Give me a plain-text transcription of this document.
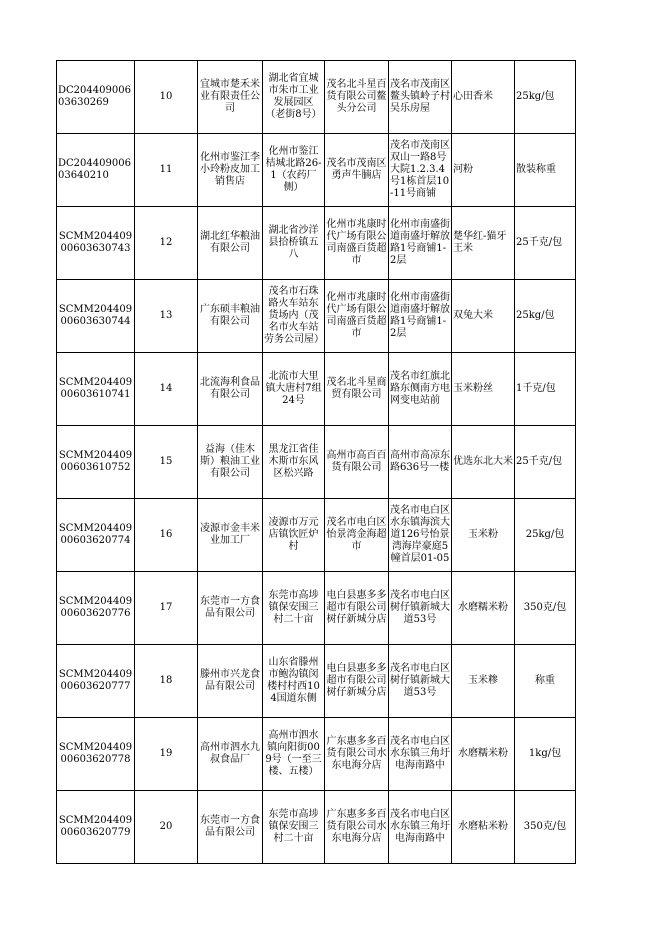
DC20440900603630269	10	宜城市楚禾米业有限责任公司	湖北省宜城市朱市工业发展园区（老街8号）	茂名北斗星百货有限公司鳌头分公司	茂名市茂南区鳌头镇岭子村吴乐房屋	心田香米	25kg/包
DC20440900603640210	11	化州市鉴江李小玲粉皮加工销售店	化州市鉴江桔城北路26-1（农药厂侧）	茂名市茂南区勇声牛腩店	茂名市茂南区双山一路8号大院1.2.3.4号1栋首层10-11号商铺	河粉	散装称重
SCMM20440900603630743	12	湖北红华粮油有限公司	湖北省沙洋县拾桥镇五八	化州市兆康时代广场有限公司南盛百货超市	化州市南盛街道南盛圩解放路1号商铺1-2层	楚华红-猫牙王米	25千克/包
SCMM20440900603630744	13	广东硕丰粮油有限公司	茂名市石珠路火车站东货场内（茂名市火车站劳务公司屋）	化州市兆康时代广场有限公司南盛百货超市	化州市南盛街道南盛圩解放路1号商铺1-2层	双兔大米	25kg/包
SCMM20440900603610741	14	北流海利食品有限公司	北流市大里镇大唐村7组24号	茂名北斗星商贸有限公司	茂名市红旗北路东侧南方电网变电站前	玉米粉丝	1千克/包
SCMM20440900603610752	15	益海（佳木斯）粮油工业有限公司	黑龙江省佳木斯市东风区松兴路	高州市高百百货有限公司	高州市高凉东路636号一楼	优选东北大米	25千克/包
SCMM20440900603620774	16	凌源市金丰米业加工厂	凌源市万元店镇饮匠炉村	茂名市电白区怡景湾金海超市	茂名市电白区水东镇海滨大道126号怡景湾海岸豪庭5幢首层01-05	玉米粉	25kg/包
SCMM20440900603620776	17	东莞市一方食品有限公司	东莞市高埗镇保安围三村二十亩	电白县惠多多超市有限公司树仔新城分店	茂名市电白区树仔镇新城大道53号	水磨糯米粉	350克/包
SCMM20440900603620777	18	滕州市兴龙食品有限公司	山东省滕州市鲍沟镇闵楼村村西104国道东侧	电白县惠多多超市有限公司树仔新城分店	茂名市电白区树仔镇新城大道53号	玉米糁	称重
SCMM20440900603620778	19	高州市泗水九叔食品厂	高州市泗水镇向阳街009号（一至三楼、五楼）	广东惠多多百货有限公司水东电海分店	茂名市电白区水东镇三角圩电海南路中	水磨糯米粉	1kg/包
SCMM20440900603620779	20	东莞市一方食品有限公司	东莞市高埗镇保安围三村二十亩	广东惠多多百货有限公司水东电海分店	茂名市电白区水东镇三角圩电海南路中	水磨粘米粉	350克/包
